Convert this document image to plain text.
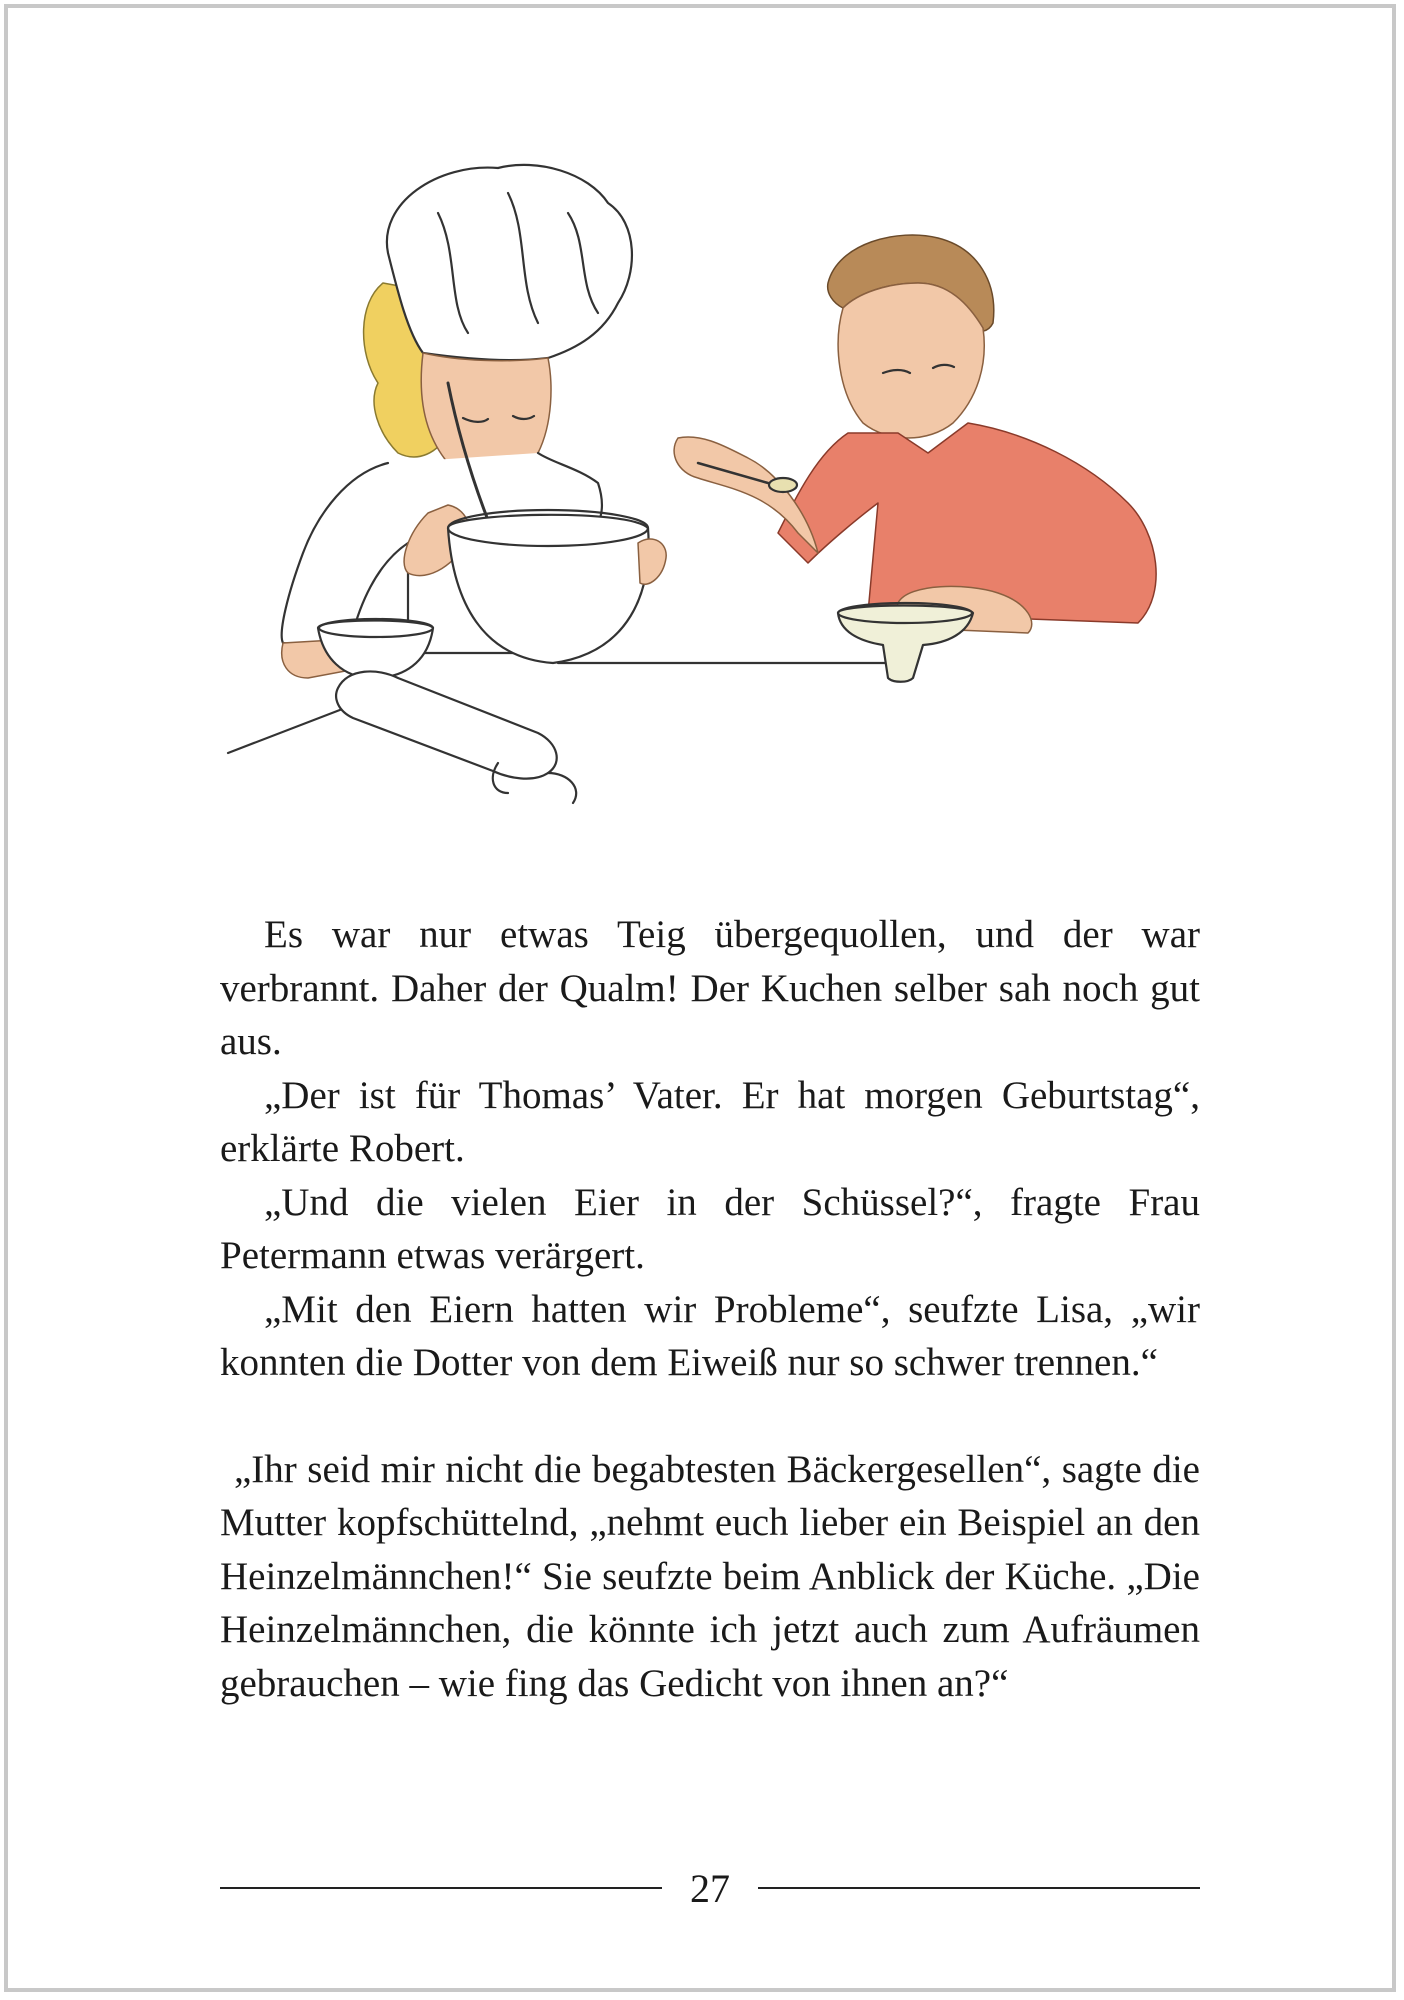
Es war nur etwas Teig übergequollen, und der war verbrannt. Daher der Qualm! Der Kuchen selber sah noch gut aus.

„Der ist für Thomas’ Vater. Er hat morgen Geburtstag“, erklärte Robert.

„Und die vielen Eier in der Schüssel?“, fragte Frau Petermann etwas verärgert.

„Mit den Eiern hatten wir Probleme“, seufzte Lisa, „wir konnten die Dotter von dem Eiweiß nur so schwer trennen.“

„Ihr seid mir nicht die begabtesten Bäckergesellen“, sagte die Mutter kopfschüttelnd, „nehmt euch lieber ein Beispiel an den Heinzelmännchen!“ Sie seufzte beim Anblick der Küche. „Die Heinzelmännchen, die könnte ich jetzt auch zum Aufräumen gebrauchen – wie fing das Gedicht von ihnen an?“

27
